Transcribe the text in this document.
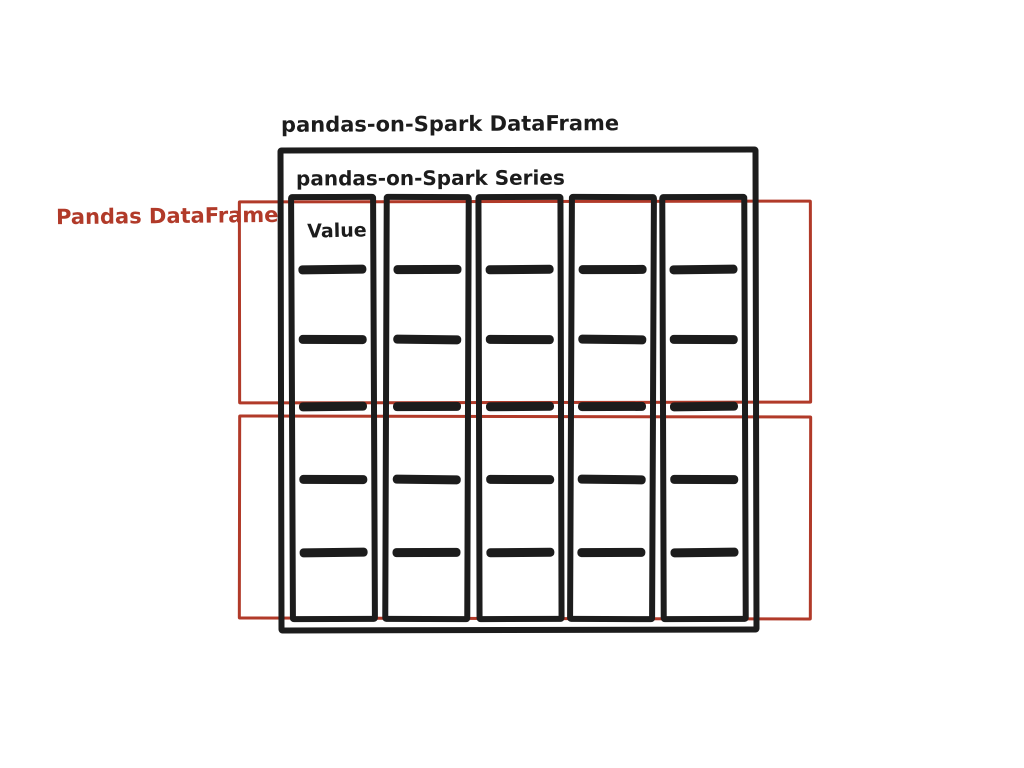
Pandas DataFrame
pandas-on-Spark DataFrame
pandas-on-Spark Series
Value
